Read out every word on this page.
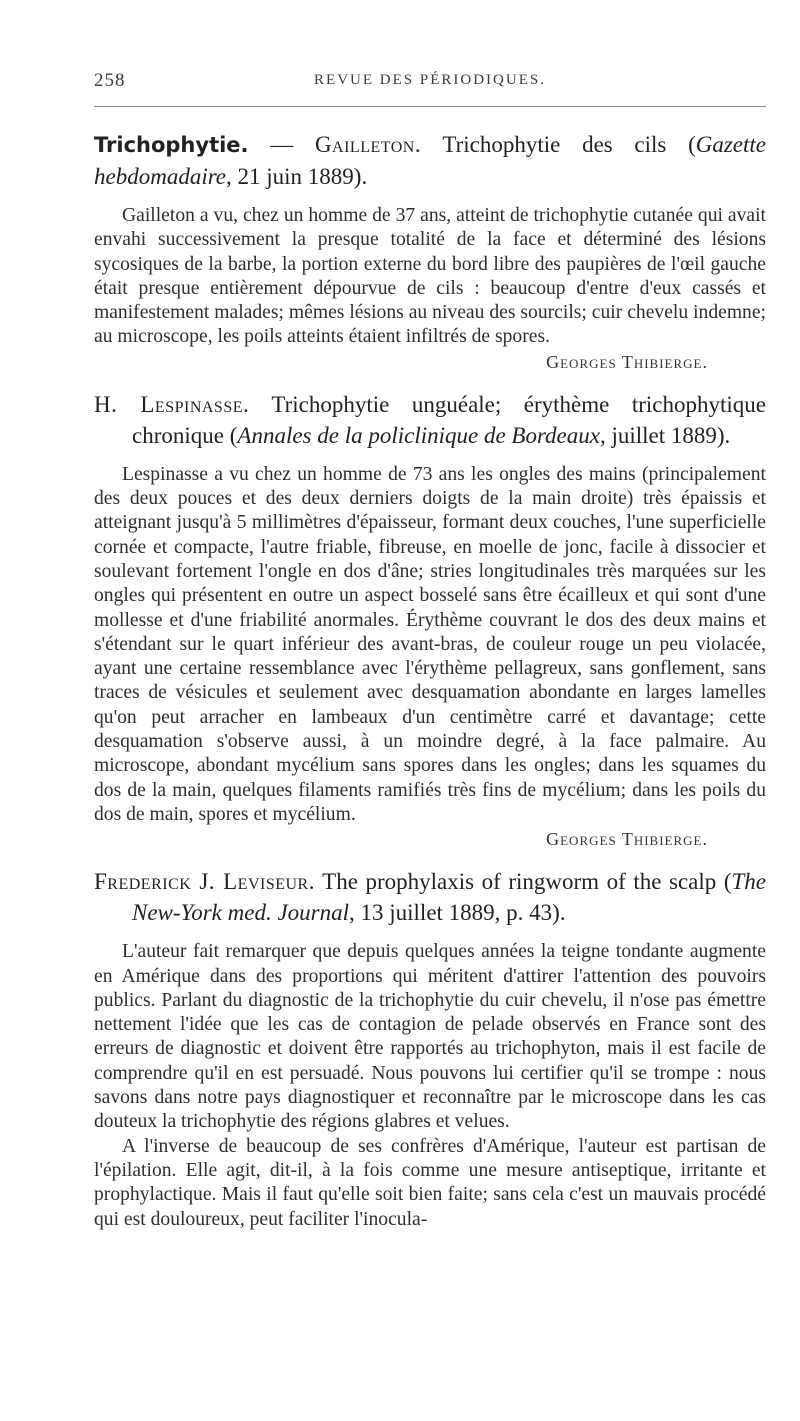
258	REVUE DES PÉRIODIQUES.
Trichophytie. — Gailleton. Trichophytie des cils (Gazette hebdomadaire, 21 juin 1889).

Gailleton a vu, chez un homme de 37 ans, atteint de trichophytie cutanée qui avait envahi successivement la presque totalité de la face et déterminé des lésions sycosiques de la barbe, la portion externe du bord libre des paupières de l'œil gauche était presque entièrement dépourvue de cils : beaucoup d'entre d'eux cassés et manifestement malades; mêmes lésions au niveau des sourcils; cuir chevelu indemne; au microscope, les poils atteints étaient infiltrés de spores.

Georges Thibierge.
H. Lespinasse. Trichophytie unguéale; érythème trichophytique chronique (Annales de la policlinique de Bordeaux, juillet 1889).

Lespinasse a vu chez un homme de 73 ans les ongles des mains (principalement des deux pouces et des deux derniers doigts de la main droite) très épaissis et atteignant jusqu'à 5 millimètres d'épaisseur, formant deux couches, l'une superficielle cornée et compacte, l'autre friable, fibreuse, en moelle de jonc, facile à dissocier et soulevant fortement l'ongle en dos d'âne; stries longitudinales très marquées sur les ongles qui présentent en outre un aspect bosselé sans être écailleux et qui sont d'une mollesse et d'une friabilité anormales. Érythème couvrant le dos des deux mains et s'étendant sur le quart inférieur des avant-bras, de couleur rouge un peu violacée, ayant une certaine ressemblance avec l'érythème pellagreux, sans gonflement, sans traces de vésicules et seulement avec desquamation abondante en larges lamelles qu'on peut arracher en lambeaux d'un centimètre carré et davantage; cette desquamation s'observe aussi, à un moindre degré, à la face palmaire. Au microscope, abondant mycélium sans spores dans les ongles; dans les squames du dos de la main, quelques filaments ramifiés très fins de mycélium; dans les poils du dos de main, spores et mycélium.

Georges Thibierge.
Frederick J. Leviseur. The prophylaxis of ringworm of the scalp (The New-York med. Journal, 13 juillet 1889, p. 43).

L'auteur fait remarquer que depuis quelques années la teigne tondante augmente en Amérique dans des proportions qui méritent d'attirer l'attention des pouvoirs publics. Parlant du diagnostic de la trichophytie du cuir chevelu, il n'ose pas émettre nettement l'idée que les cas de contagion de pelade observés en France sont des erreurs de diagnostic et doivent être rapportés au trichophyton, mais il est facile de comprendre qu'il en est persuadé. Nous pouvons lui certifier qu'il se trompe : nous savons dans notre pays diagnostiquer et reconnaître par le microscope dans les cas douteux la trichophytie des régions glabres et velues.

A l'inverse de beaucoup de ses confrères d'Amérique, l'auteur est partisan de l'épilation. Elle agit, dit-il, à la fois comme une mesure antiseptique, irritante et prophylactique. Mais il faut qu'elle soit bien faite; sans cela c'est un mauvais procédé qui est douloureux, peut faciliter l'inocula-
